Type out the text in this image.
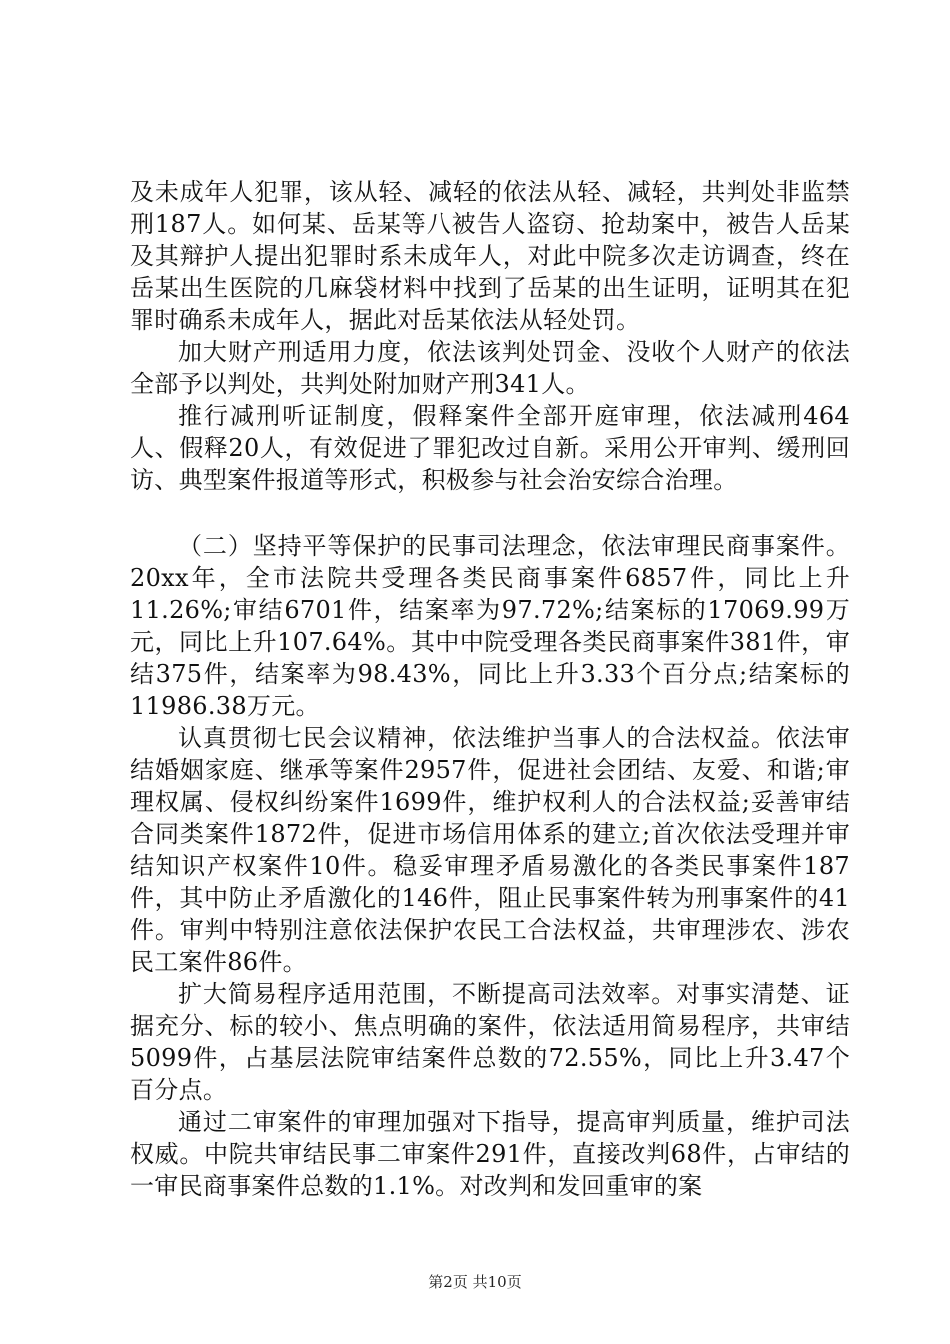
及未成年人犯罪，该从轻、减轻的依法从轻、减轻，共判处非监禁刑187人。如何某、岳某等八被告人盗窃、抢劫案中，被告人岳某及其辩护人提出犯罪时系未成年人，对此中院多次走访调查，终在岳某出生医院的几麻袋材料中找到了岳某的出生证明，证明其在犯罪时确系未成年人，据此对岳某依法从轻处罚。

加大财产刑适用力度，依法该判处罚金、没收个人财产的依法全部予以判处，共判处附加财产刑341人。

推行减刑听证制度，假释案件全部开庭审理，依法减刑464人、假释20人，有效促进了罪犯改过自新。采用公开审判、缓刑回访、典型案件报道等形式，积极参与社会治安综合治理。

（二）坚持平等保护的民事司法理念，依法审理民商事案件。20xx年，全市法院共受理各类民商事案件6857件，同比上升11.26%;审结6701件，结案率为97.72%;结案标的17069.99万元，同比上升107.64%。其中中院受理各类民商事案件381件，审结375件，结案率为98.43%，同比上升3.33个百分点;结案标的11986.38万元。

认真贯彻七民会议精神，依法维护当事人的合法权益。依法审结婚姻家庭、继承等案件2957件，促进社会团结、友爱、和谐;审理权属、侵权纠纷案件1699件，维护权利人的合法权益;妥善审结合同类案件1872件，促进市场信用体系的建立;首次依法受理并审结知识产权案件10件。稳妥审理矛盾易激化的各类民事案件187件，其中防止矛盾激化的146件，阻止民事案件转为刑事案件的41件。审判中特别注意依法保护农民工合法权益，共审理涉农、涉农民工案件86件。

扩大简易程序适用范围，不断提高司法效率。对事实清楚、证据充分、标的较小、焦点明确的案件，依法适用简易程序，共审结5099件，占基层法院审结案件总数的72.55%，同比上升3.47个百分点。

通过二审案件的审理加强对下指导，提高审判质量，维护司法权威。中院共审结民事二审案件291件，直接改判68件，占审结的一审民商事案件总数的1.1%。对改判和发回重审的案

第2页 共10页
